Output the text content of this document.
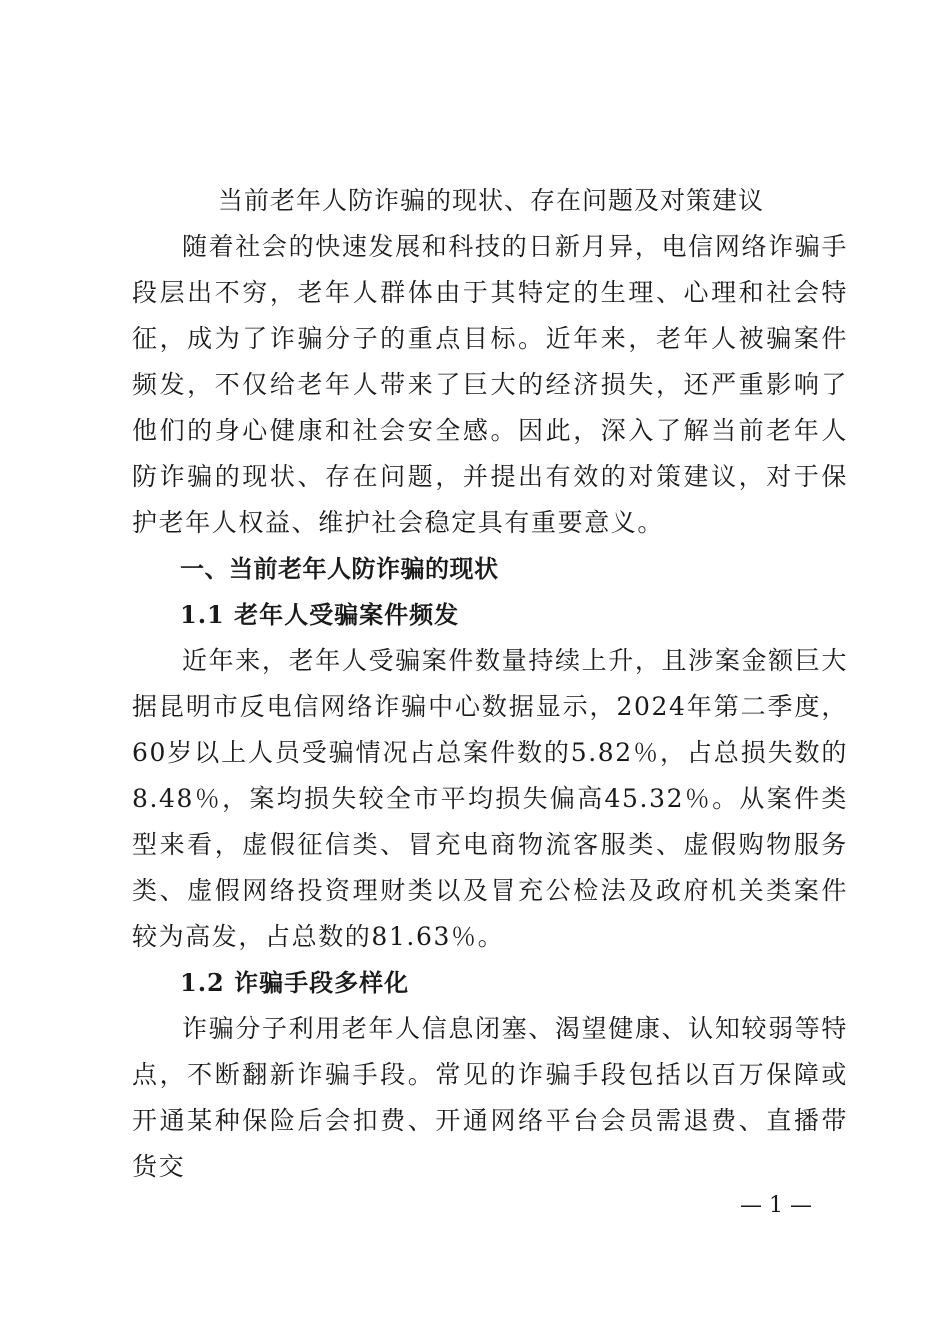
当前老年人防诈骗的现状、存在问题及对策建议

随着社会的快速发展和科技的日新月异，电信网络诈骗手段层出不穷，老年人群体由于其特定的生理、心理和社会特征，成为了诈骗分子的重点目标。近年来，老年人被骗案件频发，不仅给老年人带来了巨大的经济损失，还严重影响了他们的身心健康和社会安全感。因此，深入了解当前老年人防诈骗的现状、存在问题，并提出有效的对策建议，对于保护老年人权益、维护社会稳定具有重要意义。

一、当前老年人防诈骗的现状
1.1 老年人受骗案件频发

近年来，老年人受骗案件数量持续上升，且涉案金额巨大据昆明市反电信网络诈骗中心数据显示，2024年第二季度，60岁以上人员受骗情况占总案件数的5.82％，占总损失数的8.48％，案均损失较全市平均损失偏高45.32％。从案件类型来看，虚假征信类、冒充电商物流客服类、虚假购物服务类、虚假网络投资理财类以及冒充公检法及政府机关类案件较为高发，占总数的81.63％。

1.2 诈骗手段多样化

诈骗分子利用老年人信息闭塞、渴望健康、认知较弱等特点，不断翻新诈骗手段。常见的诈骗手段包括以百万保障或开通某种保险后会扣费、开通网络平台会员需退费、直播带货交

— 1 —
